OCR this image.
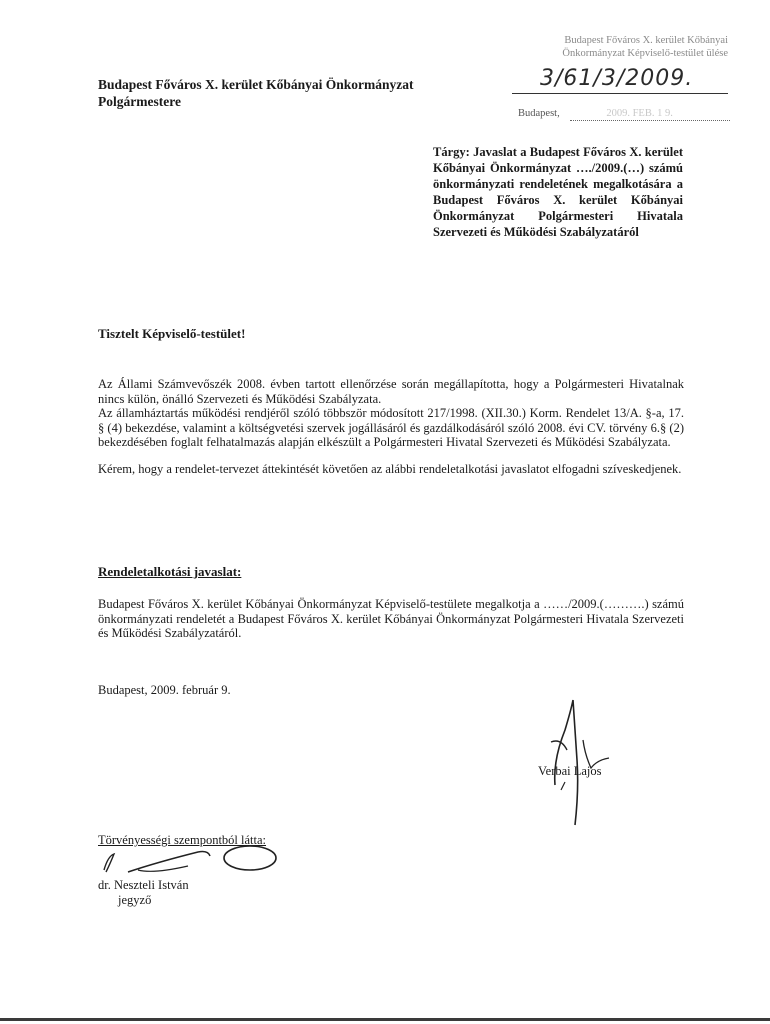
Budapest Főváros X. kerület Kőbányai
Önkormányzat Képviselő-testület ülése
3/61/3/2009.
Budapest,	2009. FEB. 1 9.
Budapest Főváros X. kerület Kőbányai Önkormányzat
Polgármestere
Tárgy: Javaslat a Budapest Főváros X. kerület Kőbányai Önkormányzat …./2009.(…) számú önkormányzati rendeletének megalkotására a Budapest Főváros X. kerület Kőbányai Önkormányzat Polgármesteri Hivatala Szervezeti és Működési Szabályzatáról
Tisztelt Képviselő-testület!
Az Állami Számvevőszék 2008. évben tartott ellenőrzése során megállapította, hogy a Polgármesteri Hivatalnak nincs külön, önálló Szervezeti és Működési Szabályzata.
Az államháztartás működési rendjéről szóló többször módosított 217/1998. (XII.30.) Korm. Rendelet 13/A. §-a, 17. § (4) bekezdése, valamint a költségvetési szervek jogállásáról és gazdálkodásáról szóló 2008. évi CV. törvény 6.§ (2) bekezdésében foglalt felhatalmazás alapján elkészült a Polgármesteri Hivatal Szervezeti és Működési Szabályzata.
Kérem, hogy a rendelet-tervezet áttekintését követően az alábbi rendeletalkotási javaslatot elfogadni szíveskedjenek.
Rendeletalkotási javaslat:
Budapest Főváros X. kerület Kőbányai Önkormányzat Képviselő-testülete megalkotja a ……/2009.(……….) számú önkormányzati rendeletét a Budapest Főváros X. kerület Kőbányai Önkormányzat Polgármesteri Hivatala Szervezeti és Működési Szabályzatáról.
Budapest, 2009. február 9.
Verbai Lajos
Törvényességi szempontból látta:
dr. Neszteli István
jegyző
